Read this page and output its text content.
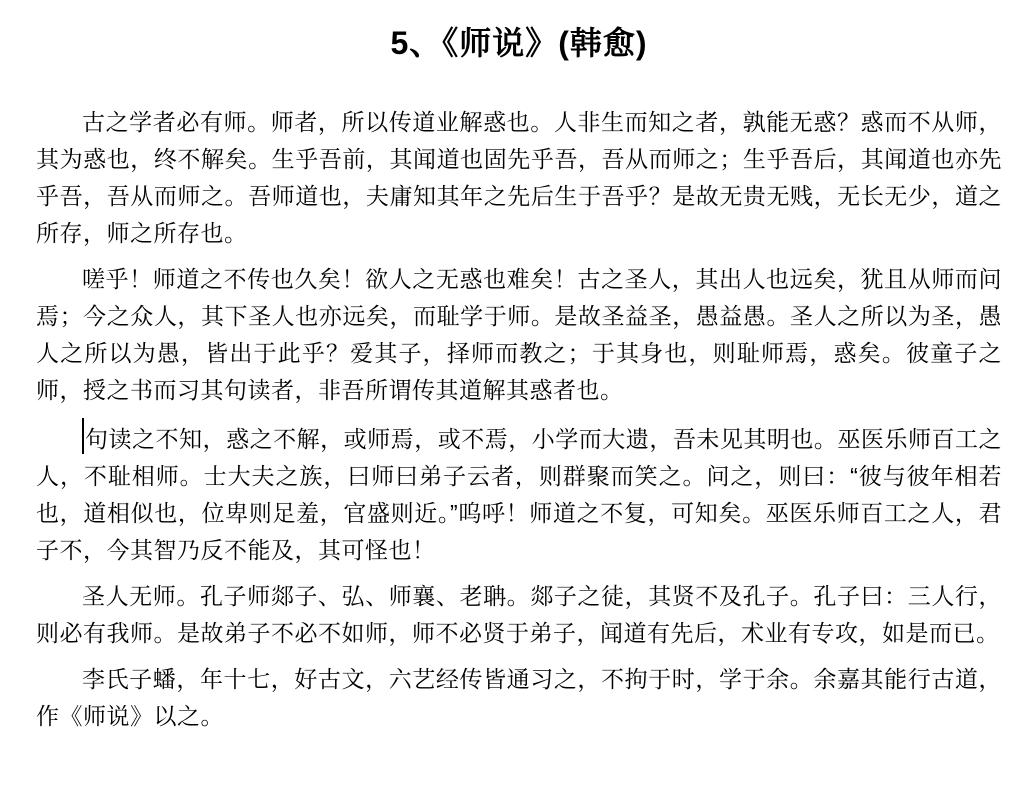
5、《师说》(韩愈)

古之学者必有师。师者，所以传道业解惑也。人非生而知之者，孰能无惑？惑而不从师，其为惑也，终不解矣。生乎吾前，其闻道也固先乎吾，吾从而师之；生乎吾后，其闻道也亦先乎吾，吾从而师之。吾师道也，夫庸知其年之先后生于吾乎？是故无贵无贱，无长无少，道之所存，师之所存也。

嗟乎！师道之不传也久矣！欲人之无惑也难矣！古之圣人，其出人也远矣，犹且从师而问焉；今之众人，其下圣人也亦远矣，而耻学于师。是故圣益圣，愚益愚。圣人之所以为圣，愚人之所以为愚，皆出于此乎？爱其子，择师而教之；于其身也，则耻师焉，惑矣。彼童子之师，授之书而习其句读者，非吾所谓传其道解其惑者也。

句读之不知，惑之不解，或师焉，或不焉，小学而大遗，吾未见其明也。巫医乐师百工之人，不耻相师。士大夫之族，曰师曰弟子云者，则群聚而笑之。问之，则曰：“彼与彼年相若也，道相似也，位卑则足羞，官盛则近。”呜呼！师道之不复，可知矣。巫医乐师百工之人，君子不，今其智乃反不能及，其可怪也！

圣人无师。孔子师郯子、弘、师襄、老聃。郯子之徒，其贤不及孔子。孔子曰：三人行，则必有我师。是故弟子不必不如师，师不必贤于弟子，闻道有先后，术业有专攻，如是而已。

李氏子蟠，年十七，好古文，六艺经传皆通习之，不拘于时，学于余。余嘉其能行古道，作《师说》以之。
